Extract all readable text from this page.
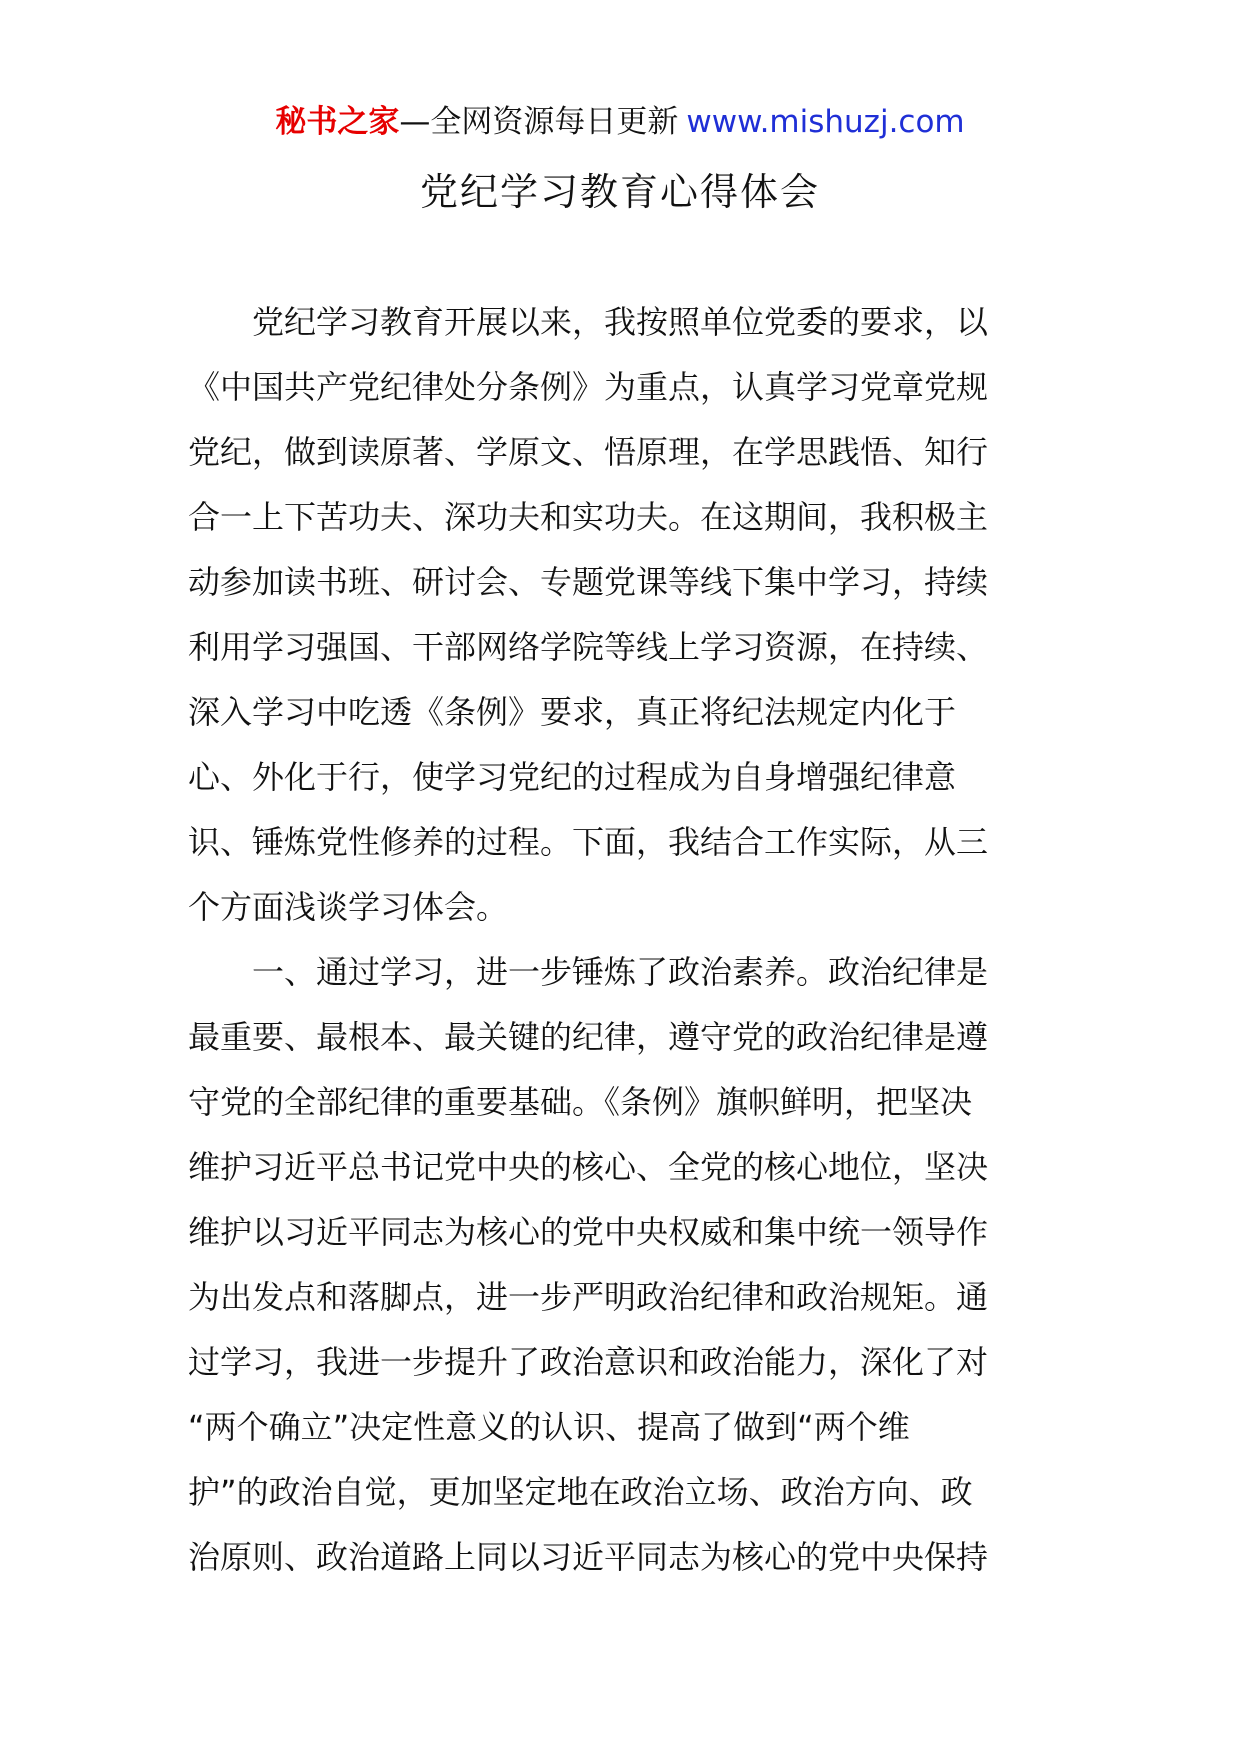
秘书之家—全网资源每日更新 www.mishuzj.com
党纪学习教育心得体会

党纪学习教育开展以来，我按照单位党委的要求，以
《中国共产党纪律处分条例》为重点，认真学习党章党规
党纪，做到读原著、学原文、悟原理，在学思践悟、知行
合一上下苦功夫、深功夫和实功夫。在这期间，我积极主
动参加读书班、研讨会、专题党课等线下集中学习，持续
利用学习强国、干部网络学院等线上学习资源，在持续、
深入学习中吃透《条例》要求，真正将纪法规定内化于
心、外化于行，使学习党纪的过程成为自身增强纪律意
识、锤炼党性修养的过程。下面，我结合工作实际，从三
个方面浅谈学习体会。

一、通过学习，进一步锤炼了政治素养。政治纪律是
最重要、最根本、最关键的纪律，遵守党的政治纪律是遵
守党的全部纪律的重要基础。《条例》旗帜鲜明，把坚决
维护习近平总书记党中央的核心、全党的核心地位，坚决
维护以习近平同志为核心的党中央权威和集中统一领导作
为出发点和落脚点，进一步严明政治纪律和政治规矩。通
过学习，我进一步提升了政治意识和政治能力，深化了对
“两个确立”决定性意义的认识、提高了做到“两个维
护”的政治自觉，更加坚定地在政治立场、政治方向、政
治原则、政治道路上同以习近平同志为核心的党中央保持
